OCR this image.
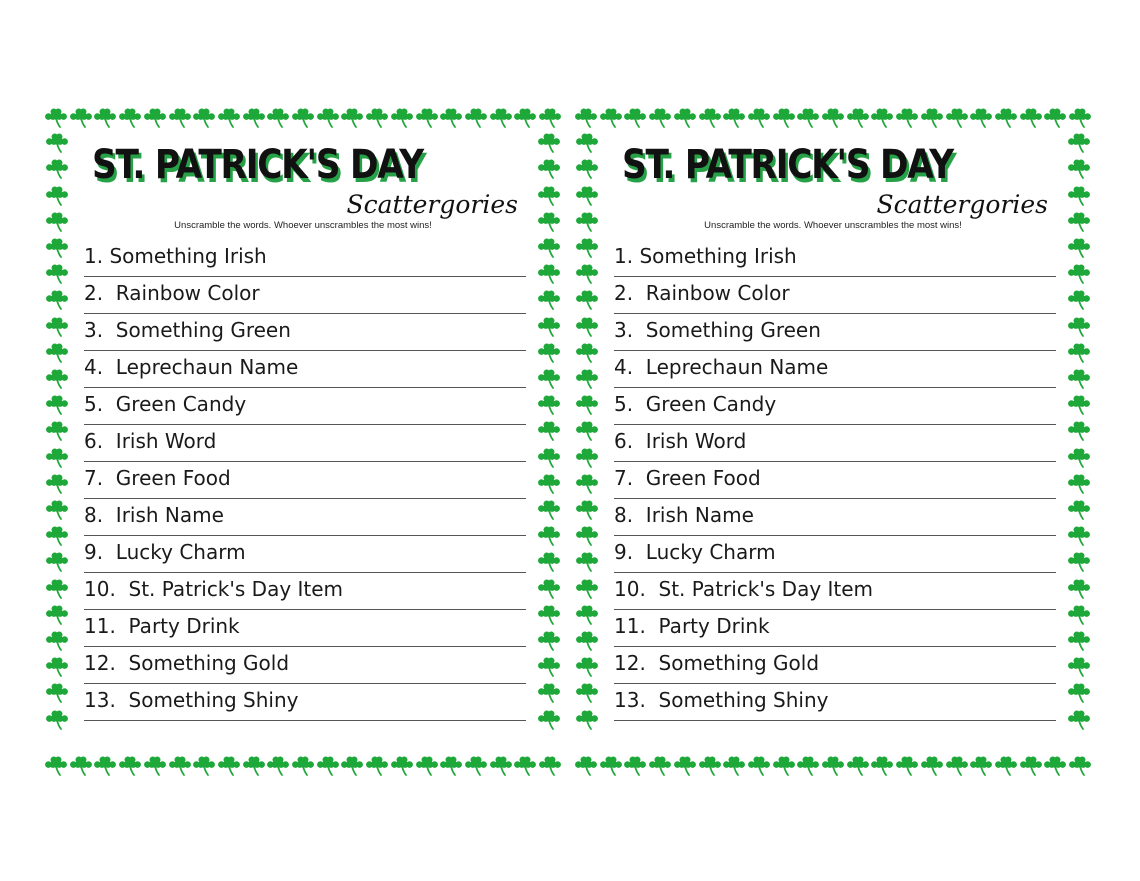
ST. PATRICK'S DAY
Scattergories
Unscramble the words. Whoever unscrambles the most wins!
1. Something Irish
2.  Rainbow Color
3.  Something Green
4.  Leprechaun Name
5.  Green Candy
6.  Irish Word
7.  Green Food
8.  Irish Name
9.  Lucky Charm
10.  St. Patrick's Day Item
11.  Party Drink
12.  Something Gold
13.  Something Shiny
ST. PATRICK'S DAY
Scattergories
Unscramble the words. Whoever unscrambles the most wins!
1. Something Irish
2.  Rainbow Color
3.  Something Green
4.  Leprechaun Name
5.  Green Candy
6.  Irish Word
7.  Green Food
8.  Irish Name
9.  Lucky Charm
10.  St. Patrick's Day Item
11.  Party Drink
12.  Something Gold
13.  Something Shiny
